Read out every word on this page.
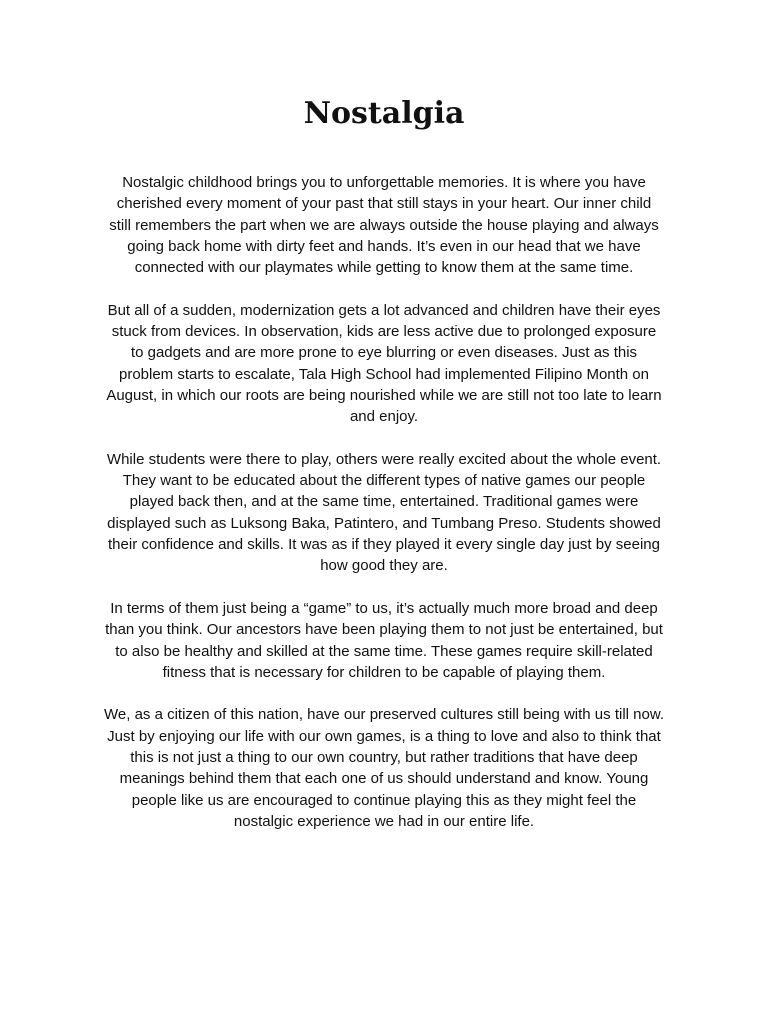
Nostalgia

Nostalgic childhood brings you to unforgettable memories. It is where you have cherished every moment of your past that still stays in your heart. Our inner child still remembers the part when we are always outside the house playing and always going back home with dirty feet and hands. It’s even in our head that we have connected with our playmates while getting to know them at the same time.

But all of a sudden, modernization gets a lot advanced and children have their eyes stuck from devices. In observation, kids are less active due to prolonged exposure to gadgets and are more prone to eye blurring or even diseases. Just as this problem starts to escalate, Tala High School had implemented Filipino Month on August, in which our roots are being nourished while we are still not too late to learn and enjoy.

While students were there to play, others were really excited about the whole event. They want to be educated about the different types of native games our people played back then, and at the same time, entertained. Traditional games were displayed such as Luksong Baka, Patintero, and Tumbang Preso. Students showed their confidence and skills. It was as if they played it every single day just by seeing how good they are.

In terms of them just being a “game” to us, it’s actually much more broad and deep than you think. Our ancestors have been playing them to not just be entertained, but to also be healthy and skilled at the same time. These games require skill-related fitness that is necessary for children to be capable of playing them.

We, as a citizen of this nation, have our preserved cultures still being with us till now. Just by enjoying our life with our own games, is a thing to love and also to think that this is not just a thing to our own country, but rather traditions that have deep meanings behind them that each one of us should understand and know. Young people like us are encouraged to continue playing this as they might feel the nostalgic experience we had in our entire life.
